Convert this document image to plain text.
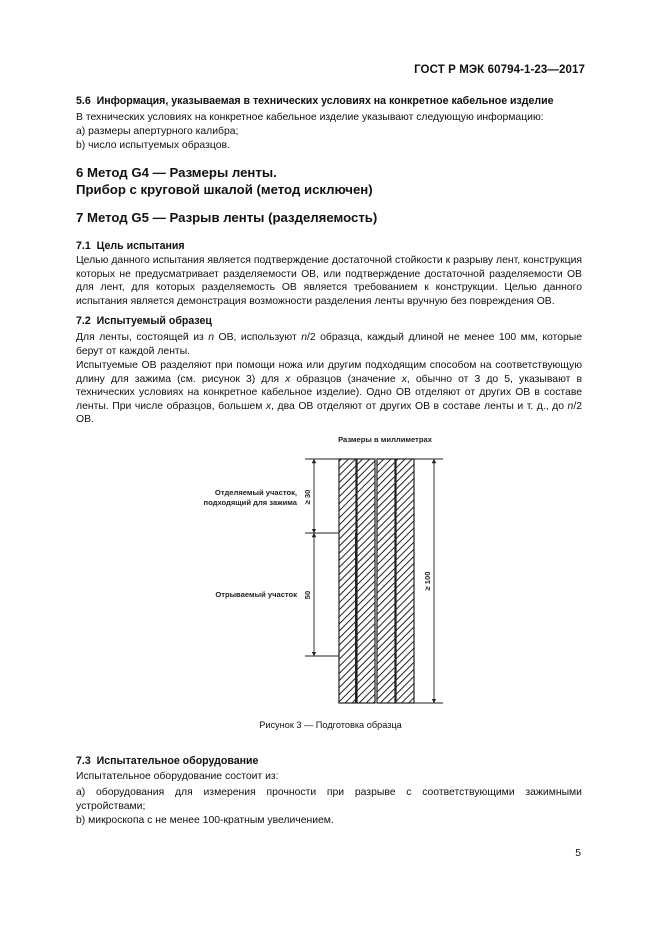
ГОСТ Р МЭК 60794-1-23—2017

5.6 Информация, указываемая в технических условиях на конкретное кабельное изделие

В технических условиях на конкретное кабельное изделие указывают следующую информацию:

a) размеры апертурного калибра;

b) число испытуемых образцов.

6 Метод G4 — Размеры ленты.
Прибор с круговой шкалой (метод исключен)

7 Метод G5 — Разрыв ленты (разделяемость)

7.1 Цель испытания

Целью данного испытания является подтверждение достаточной стойкости к разрыву лент, конструкция которых не предусматривает разделяемости ОВ, или подтверждение достаточной разделяемости ОВ для лент, для которых разделяемость ОВ является требованием к конструкции. Целью данного испытания является демонстрация возможности разделения ленты вручную без повреждения ОВ.

7.2 Испытуемый образец

Для ленты, состоящей из n ОВ, используют n/2 образца, каждый длиной не менее 100 мм, которые берут от каждой ленты.

Испытуемые ОВ разделяют при помощи ножа или другим подходящим способом на соответствующую длину для зажима (см. рисунок 3) для x образцов (значение x, обычно от 3 до 5, указывают в технических условиях на конкретное кабельное изделие). Одно ОВ отделяют от других ОВ в составе ленты. При числе образцов, большем x, два ОВ отделяют от других ОВ в составе ленты и т. д., до n/2 ОВ.

Размеры в миллиметрах
≥ 30
50
≥ 100
Отделяемый участок,
подходящий для зажима
Отрываемый участок
Рисунок 3 — Подготовка образца

7.3 Испытательное оборудование

Испытательное оборудование состоит из:

a) оборудования для измерения прочности при разрыве с соответствующими зажимными устройствами;

b) микроскопа с не менее 100-кратным увеличением.

5
